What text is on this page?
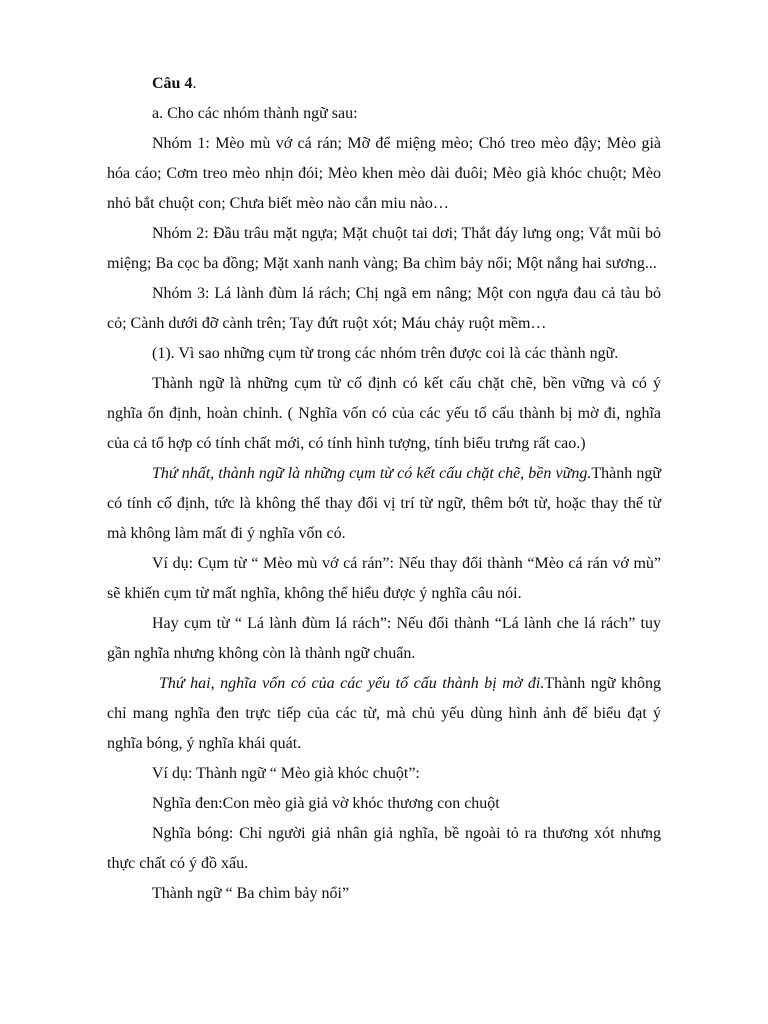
Câu 4.

a. Cho các nhóm thành ngữ sau:

Nhóm 1: Mèo mù vớ cá rán; Mỡ để miệng mèo; Chó treo mèo đậy; Mèo già hóa cáo; Cơm treo mèo nhịn đói; Mèo khen mèo dài đuôi; Mèo già khóc chuột; Mèo nhỏ bắt chuột con; Chưa biết mèo nào cắn miu nào…

Nhóm 2: Đầu trâu mặt ngựa; Mặt chuột tai dơi; Thắt đáy lưng ong; Vắt mũi bỏ miệng; Ba cọc ba đồng; Mặt xanh nanh vàng; Ba chìm bảy nổi; Một nắng hai sương...

Nhóm 3: Lá lành đùm lá rách; Chị ngã em nâng; Một con ngựa đau cả tàu bỏ cỏ; Cành dưới đỡ cành trên; Tay đứt ruột xót; Máu chảy ruột mềm…

(1). Vì sao những cụm từ trong các nhóm trên được coi là các thành ngữ.

Thành ngữ là những cụm từ cố định có kết cấu chặt chẽ, bền vững và có ý nghĩa ổn định, hoàn chỉnh. ( Nghĩa vốn có của các yếu tố cấu thành bị mờ đi, nghĩa của cả tổ hợp có tính chất mới, có tính hình tượng, tính biểu trưng rất cao.)

Thứ nhất, thành ngữ là những cụm từ có kết cấu chặt chẽ, bền vững.Thành ngữ có tính cố định, tức là không thể thay đổi vị trí từ ngữ, thêm bớt từ, hoặc thay thế từ mà không làm mất đi ý nghĩa vốn có.

Ví dụ: Cụm từ “ Mèo mù vớ cá rán”: Nếu thay đổi thành “Mèo cá rán vớ mù” sẽ khiến cụm từ mất nghĩa, không thể hiểu được ý nghĩa câu nói.

Hay cụm từ “ Lá lành đùm lá rách”: Nếu đổi thành “Lá lành che lá rách” tuy gần nghĩa nhưng không còn là thành ngữ chuẩn.

Thứ hai, nghĩa vốn có của các yếu tố cấu thành bị mờ đi.Thành ngữ không chỉ mang nghĩa đen trực tiếp của các từ, mà chủ yếu dùng hình ảnh để biểu đạt ý nghĩa bóng, ý nghĩa khái quát.

Ví dụ: Thành ngữ “ Mèo già khóc chuột”:

Nghĩa đen:Con mèo già giả vờ khóc thương con chuột

Nghĩa bóng: Chỉ người giả nhân giả nghĩa, bề ngoài tỏ ra thương xót nhưng thực chất có ý đồ xấu.

Thành ngữ “ Ba chìm bảy nổi”
